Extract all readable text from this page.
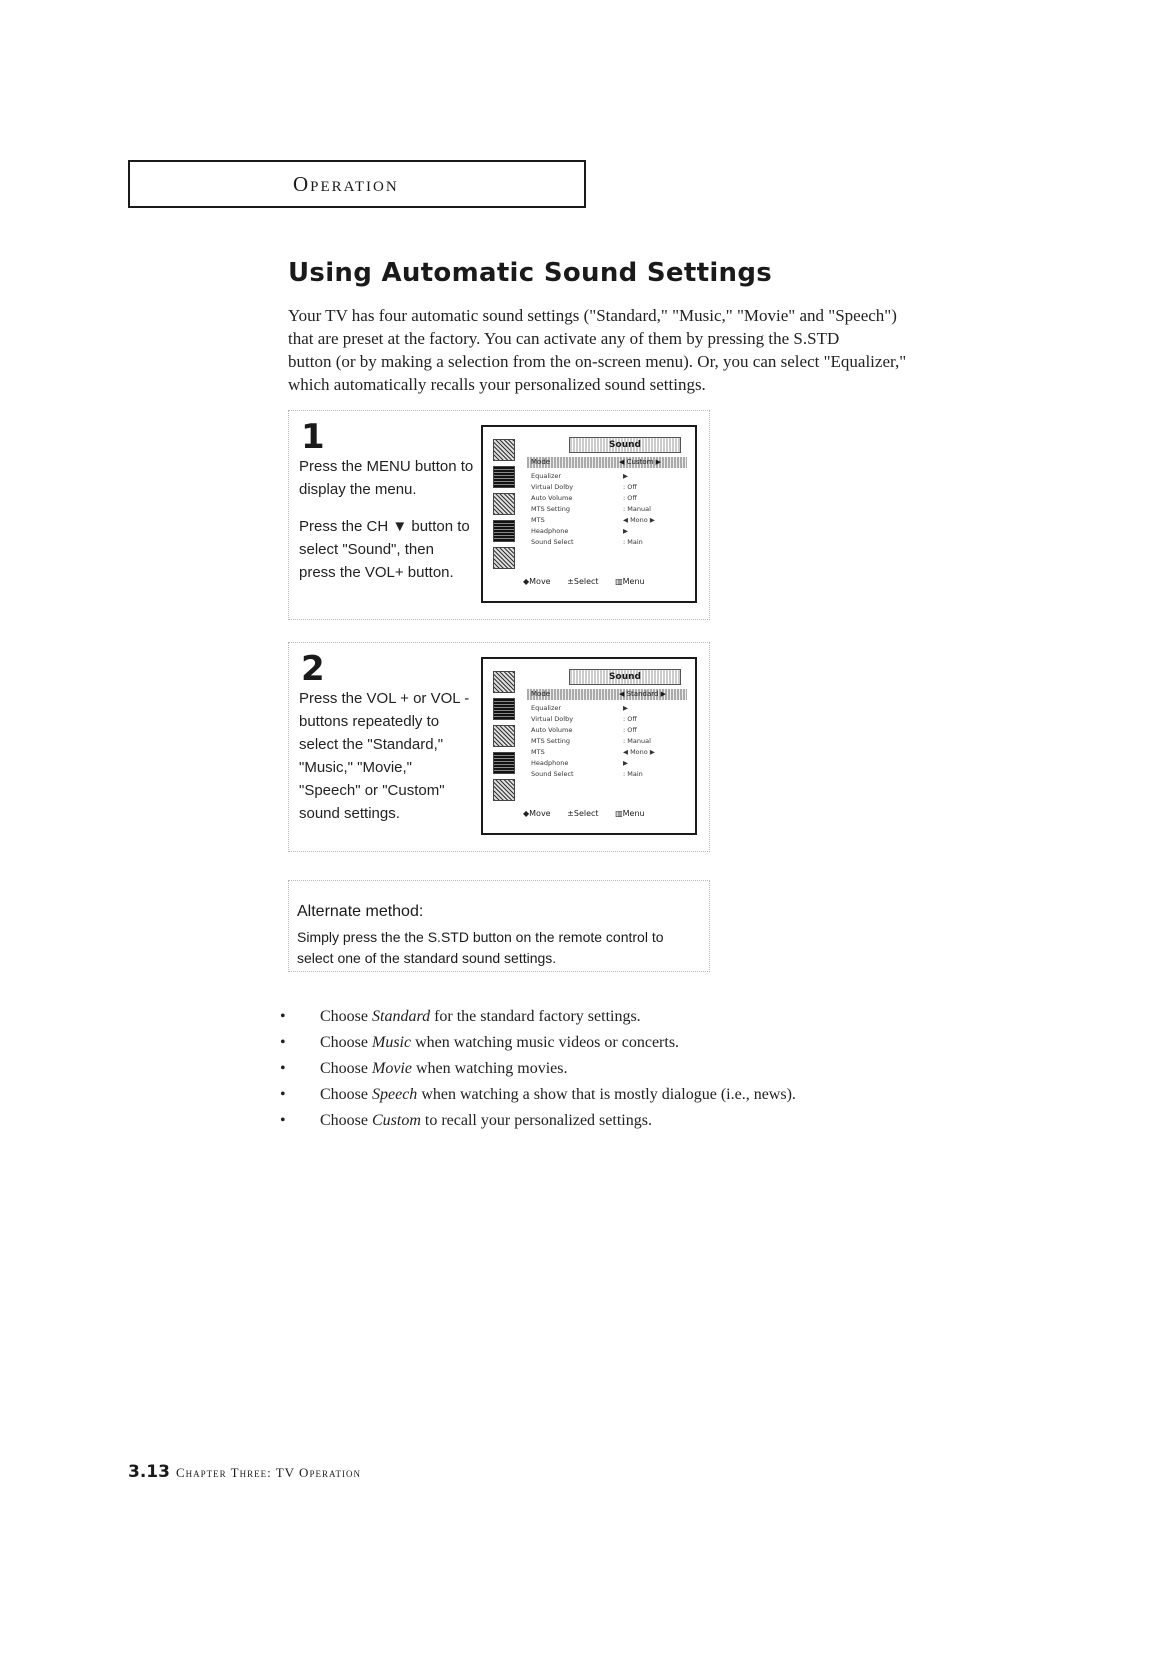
Operation
Using Automatic Sound Settings

Your TV has four automatic sound settings ("Standard," "Music," "Movie" and "Speech")

that are preset at the factory. You can activate any of them by pressing the S.STD

button (or by making a selection from the on-screen menu). Or, you can select "Equalizer,"

which automatically recalls your personalized sound settings.

1

Press the MENU button to

display the menu.

Press the CH ▼ button to

select "Sound", then

press the VOL+ button.

Sound
Mode	◀ Custom ▶
Equalizer	▶
Virtual Dolby	: Off
Auto Volume	: Off
MTS Setting	: Manual
MTS	◀ Mono ▶
Headphone	▶
Sound Select	: Main
◆Move ±Select ▥Menu
2

Press the VOL + or VOL -

buttons repeatedly to

select the "Standard,"

"Music," "Movie,"

"Speech" or "Custom"

sound settings.

Sound
Mode	◀ Standard ▶
Equalizer	▶
Virtual Dolby	: Off
Auto Volume	: Off
MTS Setting	: Manual
MTS	◀ Mono ▶
Headphone	▶
Sound Select	: Main
◆Move ±Select ▥Menu
Alternate method:
Simply press the the S.STD button on the remote control to
select one of the standard sound settings.
• Choose Standard for the standard factory settings.
• Choose Music when watching music videos or concerts.
• Choose Movie when watching movies.
• Choose Speech when watching a show that is mostly dialogue (i.e., news).
• Choose Custom to recall your personalized settings.
3.13 Chapter Three: TV Operation
